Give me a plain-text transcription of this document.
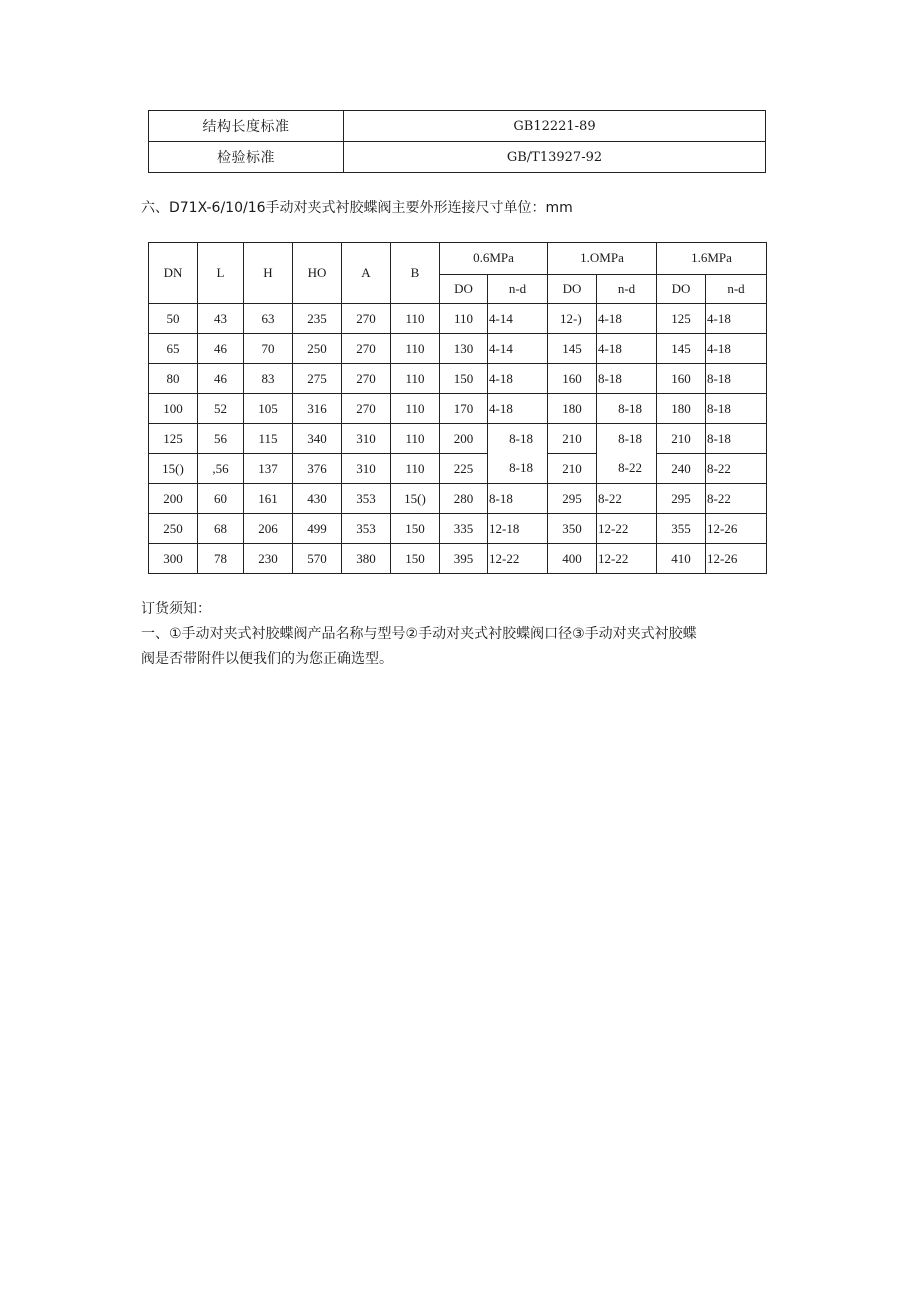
结构长度标准	GB12221-89
检验标准	GB/T13927-92
六、D71X-6/10/16手动对夹式衬胶蝶阀主要外形连接尺寸单位：mm
DN	L	H	HO	A	B	0.6MPa		1.OMPa		1.6MPa	
						DO	n-d	DO	n-d	DO	n-d
50	43	63	235	270	110	110	4-14	12-)	4-18	125	4-18
65	46	70	250	270	110	130	4-14	145	4-18	145	4-18
80	46	83	275	270	110	150	4-18	160	8-18	160	8-18
100	52	105	316	270	110	170	4-18	180	8-18	180	8-18
125	56	115	340	310	110	200	8-18	210	8-18	210	8-18
15()	,56	137	376	310	110	225	8-18	210	8-22	240	8-22
200	60	161	430	353	15()	280	8-18	295	8-22	295	8-22
250	68	206	499	353	150	335	12-18	350	12-22	355	12-26
300	78	230	570	380	150	395	12-22	400	12-22	410	12-26

订货须知：

一、①手动对夹式衬胶蝶阀产品名称与型号②手动对夹式衬胶蝶阀口径③手动对夹式衬胶蝶

阀是否带附件以便我们的为您正确选型。
